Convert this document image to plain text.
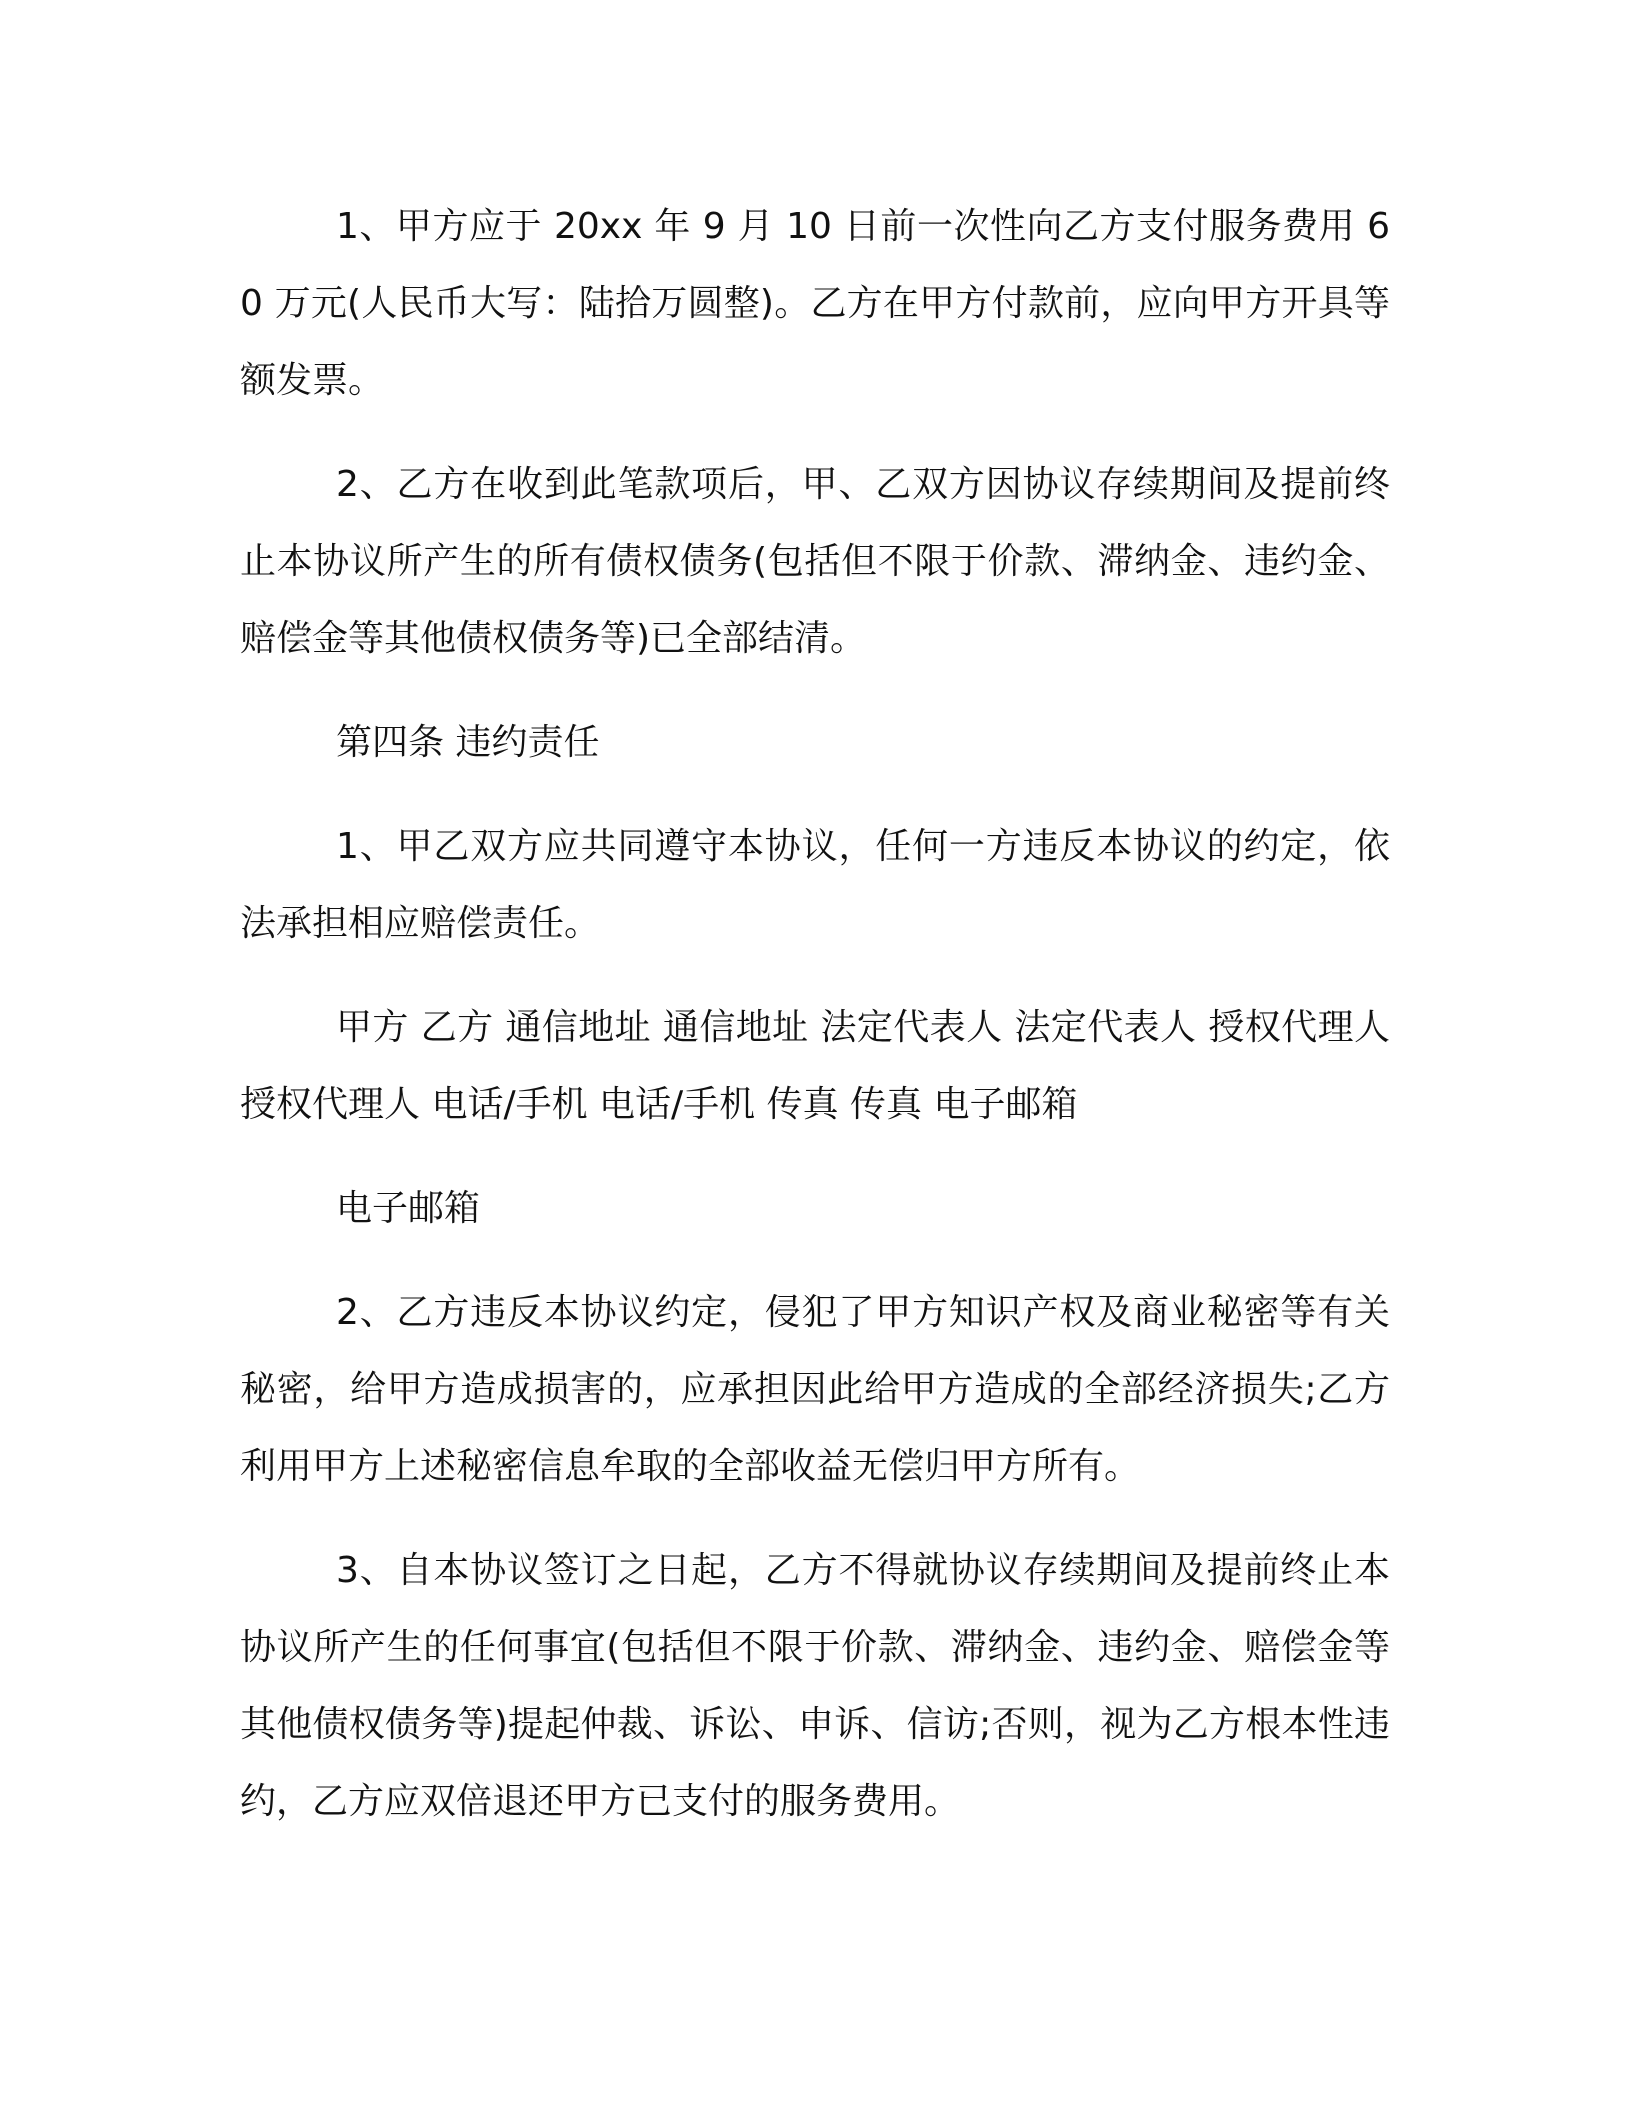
1、甲方应于 20xx 年 9 月 10 日前一次性向乙方支付服务费用 60 万元(人民币大写：陆拾万圆整)。乙方在甲方付款前，应向甲方开具等额发票。

2、乙方在收到此笔款项后，甲、乙双方因协议存续期间及提前终止本协议所产生的所有债权债务(包括但不限于价款、滞纳金、违约金、赔偿金等其他债权债务等)已全部结清。

第四条 违约责任

1、甲乙双方应共同遵守本协议，任何一方违反本协议的约定，依法承担相应赔偿责任。

甲方 乙方 通信地址 通信地址 法定代表人 法定代表人 授权代理人 授权代理人 电话/手机 电话/手机 传真 传真 电子邮箱

电子邮箱

2、乙方违反本协议约定，侵犯了甲方知识产权及商业秘密等有关秘密，给甲方造成损害的，应承担因此给甲方造成的全部经济损失;乙方利用甲方上述秘密信息牟取的全部收益无偿归甲方所有。

3、自本协议签订之日起，乙方不得就协议存续期间及提前终止本协议所产生的任何事宜(包括但不限于价款、滞纳金、违约金、赔偿金等其他债权债务等)提起仲裁、诉讼、申诉、信访;否则，视为乙方根本性违约，乙方应双倍退还甲方已支付的服务费用。
